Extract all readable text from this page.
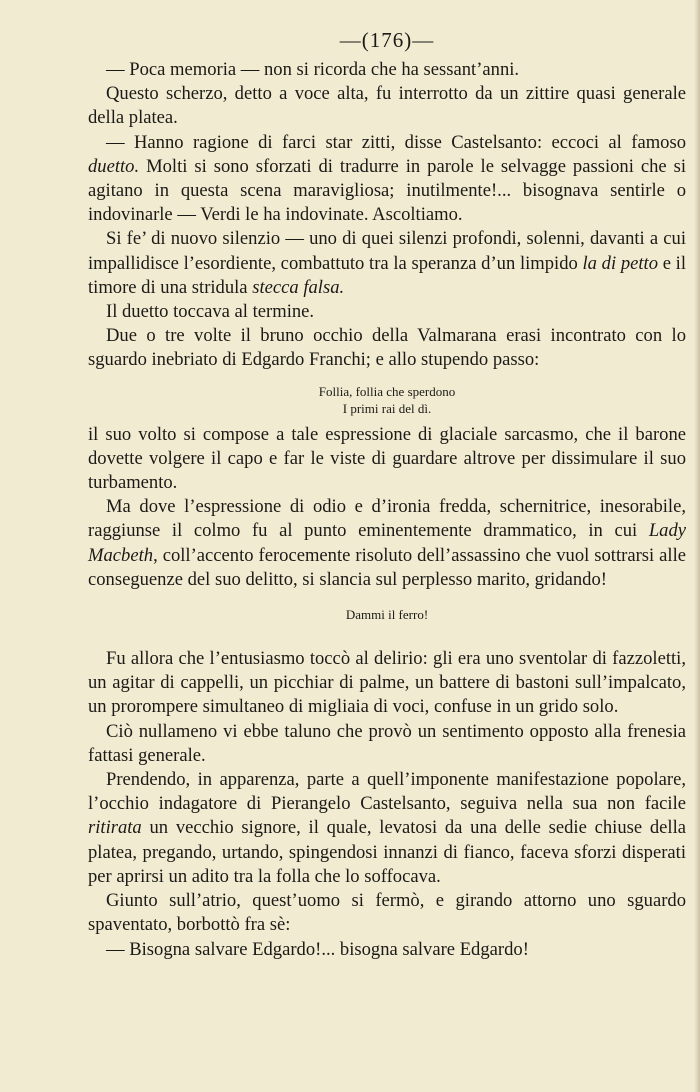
—(176)—

— Poca memoria — non si ricorda che ha sessant’anni.

Questo scherzo, detto a voce alta, fu interrotto da un zittire quasi generale della platea.

— Hanno ragione di farci star zitti, disse Castelsanto: eccoci al famoso duetto. Molti si sono sforzati di tradurre in parole le selvagge passioni che si agitano in questa scena maravigliosa; inutilmente!... bisognava sentirle o indovinarle — Verdi le ha indovinate. Ascoltiamo.

Si fe’ di nuovo silenzio — uno di quei silenzi profondi, solenni, davanti a cui impallidisce l’esordiente, combattuto tra la speranza d’un limpido la di petto e il timore di una stridula stecca falsa.

Il duetto toccava al termine.

Due o tre volte il bruno occhio della Valmarana erasi incontrato con lo sguardo inebriato di Edgardo Franchi; e allo stupendo passo:

Follia, follia che sperdono
I primi rai del dì.

il suo volto si compose a tale espressione di glaciale sarcasmo, che il barone dovette volgere il capo e far le viste di guardare altrove per dissimulare il suo turbamento.

Ma dove l’espressione di odio e d’ironia fredda, schernitrice, inesorabile, raggiunse il colmo fu al punto eminentemente drammatico, in cui Lady Macbeth, coll’accento ferocemente risoluto dell’assassino che vuol sottrarsi alle conseguenze del suo delitto, si slancia sul perplesso marito, gridando!

Dammi il ferro!

Fu allora che l’entusiasmo toccò al delirio: gli era uno sventolar di fazzoletti, un agitar di cappelli, un picchiar di palme, un battere di bastoni sull’impalcato, un prorompere simultaneo di migliaia di voci, confuse in un grido solo.

Ciò nullameno vi ebbe taluno che provò un sentimento opposto alla frenesia fattasi generale.

Prendendo, in apparenza, parte a quell’imponente manifestazione popolare, l’occhio indagatore di Pierangelo Castelsanto, seguiva nella sua non facile ritirata un vecchio signore, il quale, levatosi da una delle sedie chiuse della platea, pregando, urtando, spingendosi innanzi di fianco, faceva sforzi disperati per aprirsi un adito tra la folla che lo soffocava.

Giunto sull’atrio, quest’uomo si fermò, e girando attorno uno sguardo spaventato, borbottò fra sè:

— Bisogna salvare Edgardo!... bisogna salvare Edgardo!
